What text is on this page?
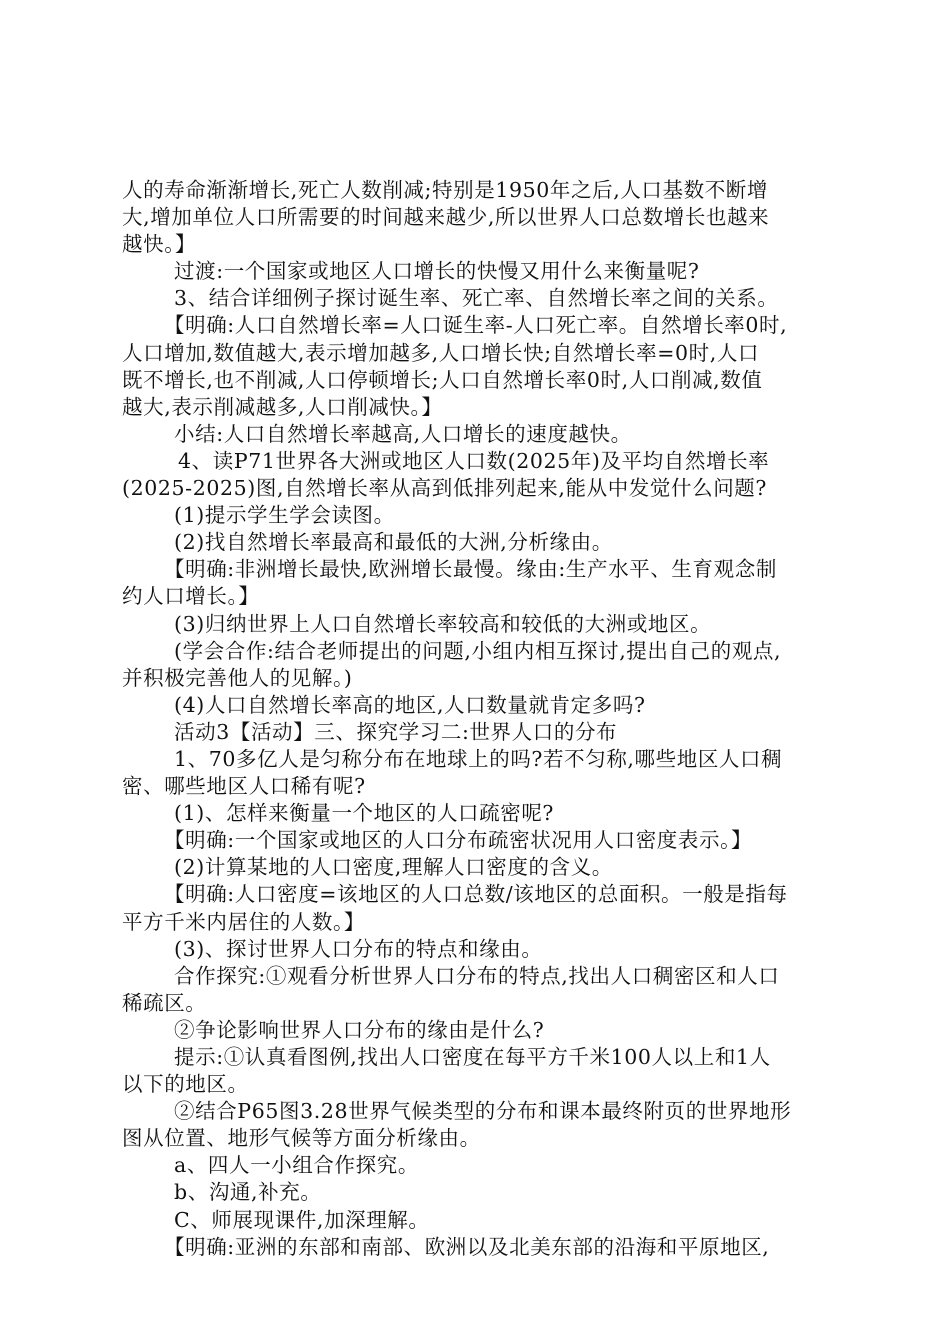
人的寿命渐渐增长,死亡人数削减;特别是1950年之后,人口基数不断增
大,增加单位人口所需要的时间越来越少,所以世界人口总数增长也越来
越快。】
过渡:一个国家或地区人口增长的快慢又用什么来衡量呢?
3、结合详细例子探讨诞生率、死亡率、自然增长率之间的关系。
【明确:人口自然增长率=人口诞生率-人口死亡率。自然增长率0时,
人口增加,数值越大,表示增加越多,人口增长快;自然增长率=0时,人口
既不增长,也不削减,人口停顿增长;人口自然增长率0时,人口削减,数值
越大,表示削减越多,人口削减快。】
小结:人口自然增长率越高,人口增长的速度越快。
4、读P71世界各大洲或地区人口数(2025年)及平均自然增长率
(2025-2025)图,自然增长率从高到低排列起来,能从中发觉什么问题?
(1)提示学生学会读图。
(2)找自然增长率最高和最低的大洲,分析缘由。
【明确:非洲增长最快,欧洲增长最慢。缘由:生产水平、生育观念制
约人口增长。】
(3)归纳世界上人口自然增长率较高和较低的大洲或地区。
(学会合作:结合老师提出的问题,小组内相互探讨,提出自己的观点,
并积极完善他人的见解。)
(4)人口自然增长率高的地区,人口数量就肯定多吗?
活动3【活动】三、探究学习二:世界人口的分布
1、70多亿人是匀称分布在地球上的吗?若不匀称,哪些地区人口稠
密、哪些地区人口稀有呢?
(1)、怎样来衡量一个地区的人口疏密呢?
【明确:一个国家或地区的人口分布疏密状况用人口密度表示。】
(2)计算某地的人口密度,理解人口密度的含义。
【明确:人口密度=该地区的人口总数/该地区的总面积。一般是指每
平方千米内居住的人数。】
(3)、探讨世界人口分布的特点和缘由。
合作探究:①观看分析世界人口分布的特点,找出人口稠密区和人口
稀疏区。
②争论影响世界人口分布的缘由是什么?
提示:①认真看图例,找出人口密度在每平方千米100人以上和1人
以下的地区。
②结合P65图3.28世界气候类型的分布和课本最终附页的世界地形
图从位置、地形气候等方面分析缘由。
a、四人一小组合作探究。
b、沟通,补充。
C、师展现课件,加深理解。
【明确:亚洲的东部和南部、欧洲以及北美东部的沿海和平原地区,
